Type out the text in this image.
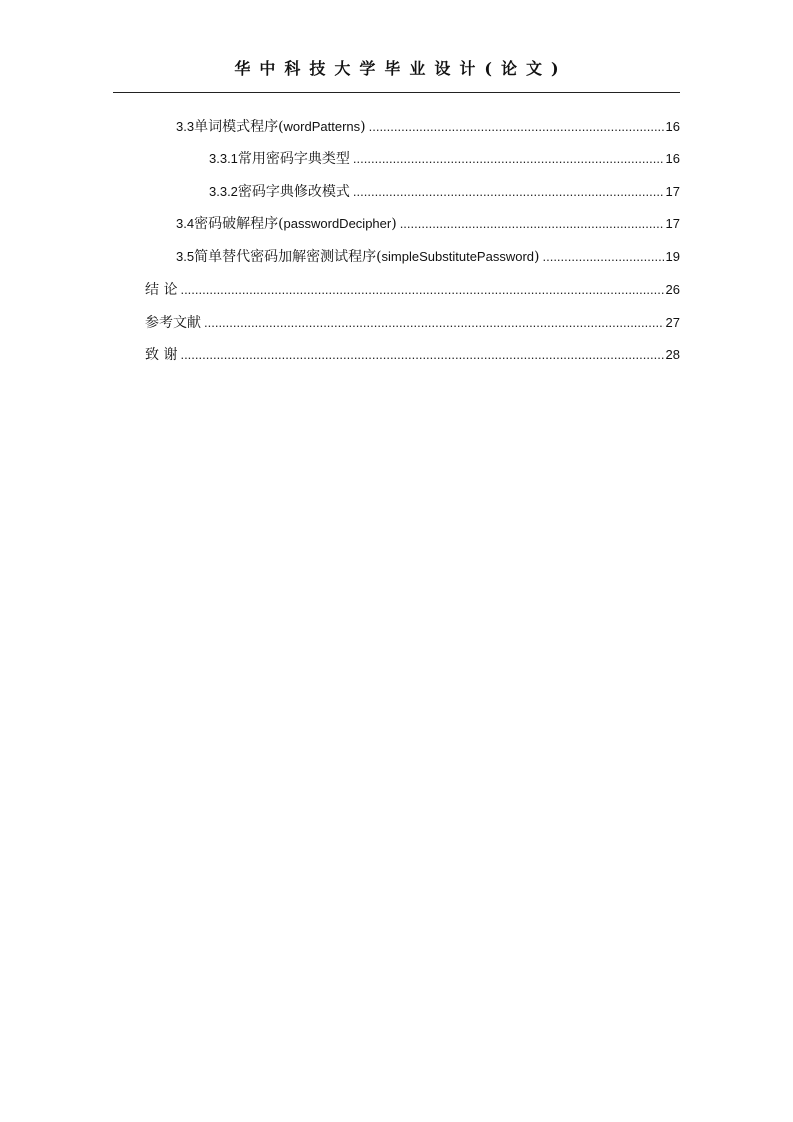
华中科技大学毕业设计(论文)
3.3 单词模式程序(wordPatterns) .....	16
3.3.1 常用密码字典类型 .....	16
3.3.2 密码字典修改模式 .....	17
3.4 密码破解程序(passwordDecipher) .....	17
3.5 简单替代密码加解密测试程序(simpleSubstitutePassword) .....	19
结 论 .....	26
参考文献 .....	27
致 谢 .....	28
